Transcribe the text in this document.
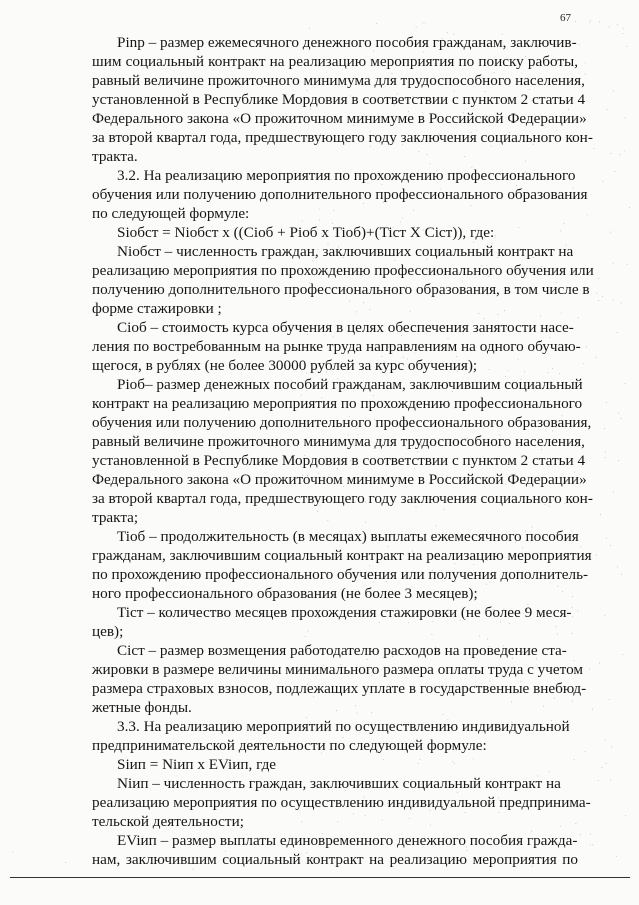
67
Pinp – размер ежемесячного денежного пособия гражданам, заключив-
шим социальный контракт на реализацию мероприятия по поиску работы,
равный величине прожиточного минимума для трудоспособного населения,
установленной в Республике Мордовия в соответствии с пунктом 2 статьи 4
Федерального закона «О прожиточном минимуме в Российской Федерации»
за второй квартал года, предшествующего году заключения социального кон-
тракта.
3.2. На реализацию мероприятия по прохождению профессионального
обучения или получению дополнительного профессионального образования
по следующей формуле:
Sioбст = Nioбст х ((Cioб + Pioб х Tioб)+(Ticт Х Ciст)), где:
Nioбст – численность граждан, заключивших социальный контракт на
реализацию мероприятия по прохождению профессионального обучения или
получению дополнительного профессионального образования, в том числе в
форме стажировки ;
Cioб – стоимость курса обучения в целях обеспечения занятости насе-
ления по востребованным на рынке труда направлениям на одного обучаю-
щегося, в рублях (не более 30000 рублей за курс обучения);
Pioб– размер денежных пособий гражданам, заключившим социальный
контракт на реализацию мероприятия по прохождению профессионального
обучения или получению дополнительного профессионального образования,
равный величине прожиточного минимума для трудоспособного населения,
установленной в Республике Мордовия в соответствии с пунктом 2 статьи 4
Федерального закона «О прожиточном минимуме в Российской Федерации»
за второй квартал года, предшествующего году заключения социального кон-
тракта;
Tioб – продолжительность (в месяцах) выплаты ежемесячного пособия
гражданам, заключившим социальный контракт на реализацию мероприятия
по прохождению профессионального обучения или получения дополнитель-
ного профессионального образования (не более 3 месяцев);
Ticт – количество месяцев прохождения стажировки (не более 9 меся-
цев);
Ciст – размер возмещения работодателю расходов на проведение ста-
жировки в размере величины минимального размера оплаты труда с учетом
размера страховых взносов, подлежащих уплате в государственные внебюд-
жетные фонды.
3.3. На реализацию мероприятий по осуществлению индивидуальной
предпринимательской деятельности по следующей формуле:
Siип = Niип х EViип, где
Niип – численность граждан, заключивших социальный контракт на
реализацию мероприятия по осуществлению индивидуальной предпринима-
тельской деятельности;
EViип – размер выплаты единовременного денежного пособия гражда-
нам, заключившим социальный контракт на реализацию мероприятия по
